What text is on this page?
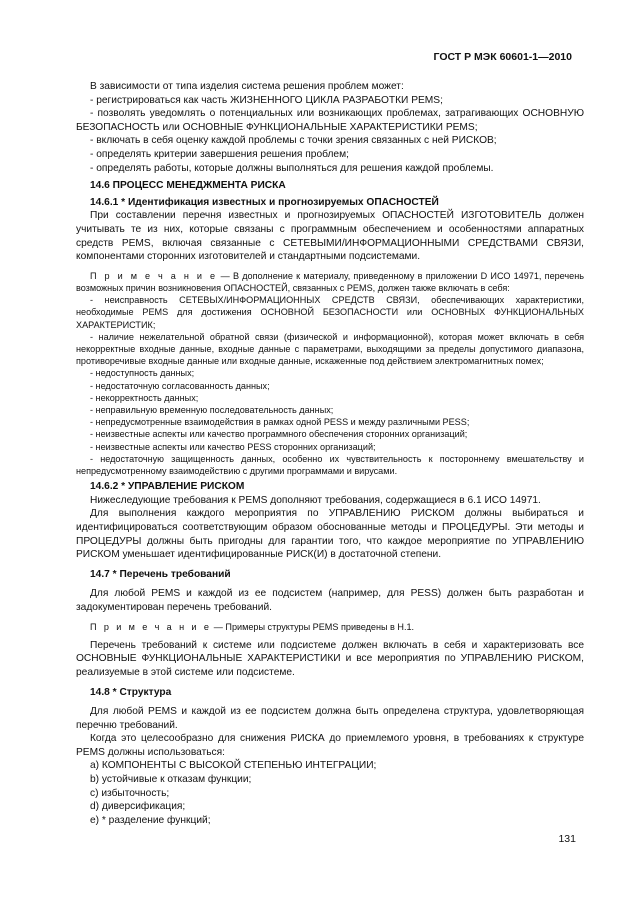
ГОСТ Р МЭК 60601-1—2010

В зависимости от типа изделия система решения проблем может:

- регистрироваться как часть ЖИЗНЕННОГО ЦИКЛА РАЗРАБОТКИ PEMS;

- позволять уведомлять о потенциальных или возникающих проблемах, затрагивающих ОСНОВНУЮ БЕЗОПАСНОСТЬ или ОСНОВНЫЕ ФУНКЦИОНАЛЬНЫЕ ХАРАКТЕРИСТИКИ PEMS;

- включать в себя оценку каждой проблемы с точки зрения связанных с ней РИСКОВ;

- определять критерии завершения решения проблем;

- определять работы, которые должны выполняться для решения каждой проблемы.

14.6 ПРОЦЕСС МЕНЕДЖМЕНТА РИСКА

14.6.1 * Идентификация известных и прогнозируемых ОПАСНОСТЕЙ

При составлении перечня известных и прогнозируемых ОПАСНОСТЕЙ ИЗГОТОВИТЕЛЬ должен учитывать те из них, которые связаны с программным обеспечением и особенностями аппаратных средств PEMS, включая связанные с СЕТЕВЫМИ/ИНФОРМАЦИОННЫМИ СРЕДСТВАМИ СВЯЗИ, компонентами сторонних изготовителей и стандартными подсистемами.

П р и м е ч а н и е — В дополнение к материалу, приведенному в приложении D ИСО 14971, перечень возможных причин возникновения ОПАСНОСТЕЙ, связанных с PEMS, должен также включать в себя:

- неисправность СЕТЕВЫХ/ИНФОРМАЦИОННЫХ СРЕДСТВ СВЯЗИ, обеспечивающих характеристики, необходимые PEMS для достижения ОСНОВНОЙ БЕЗОПАСНОСТИ или ОСНОВНЫХ ФУНКЦИОНАЛЬНЫХ ХАРАКТЕРИСТИК;

- наличие нежелательной обратной связи (физической и информационной), которая может включать в себя некорректные входные данные, входные данные с параметрами, выходящими за пределы допустимого диапазона, противоречивые входные данные или входные данные, искаженные под действием электромагнитных помех;

- недоступность данных;

- недостаточную согласованность данных;

- некорректность данных;

- неправильную временную последовательность данных;

- непредусмотренные взаимодействия в рамках одной PESS и между различными PESS;

- неизвестные аспекты или качество программного обеспечения сторонних организаций;

- неизвестные аспекты или качество PESS сторонних организаций;

- недостаточную защищенность данных, особенно их чувствительность к постороннему вмешательству и непредусмотренному взаимодействию с другими программами и вирусами.

14.6.2 * УПРАВЛЕНИЕ РИСКОМ

Нижеследующие требования к PEMS дополняют требования, содержащиеся в 6.1 ИСО 14971.

Для выполнения каждого мероприятия по УПРАВЛЕНИЮ РИСКОМ должны выбираться и идентифицироваться соответствующим образом обоснованные методы и ПРОЦЕДУРЫ. Эти методы и ПРОЦЕДУРЫ должны быть пригодны для гарантии того, что каждое мероприятие по УПРАВЛЕНИЮ РИСКОМ уменьшает идентифицированные РИСК(И) в достаточной степени.

14.7 * Перечень требований

Для любой PEMS и каждой из ее подсистем (например, для PESS) должен быть разработан и задокументирован перечень требований.

П р и м е ч а н и е — Примеры структуры PEMS приведены в Н.1.

Перечень требований к системе или подсистеме должен включать в себя и характеризовать все ОСНОВНЫЕ ФУНКЦИОНАЛЬНЫЕ ХАРАКТЕРИСТИКИ и все мероприятия по УПРАВЛЕНИЮ РИСКОМ, реализуемые в этой системе или подсистеме.

14.8 * Структура

Для любой PEMS и каждой из ее подсистем должна быть определена структура, удовлетворяющая перечню требований.

Когда это целесообразно для снижения РИСКА до приемлемого уровня, в требованиях к структуре PEMS должны использоваться:

a) КОМПОНЕНТЫ С ВЫСОКОЙ СТЕПЕНЬЮ ИНТЕГРАЦИИ;

b) устойчивые к отказам функции;

c) избыточность;

d) диверсификация;

e) * разделение функций;

131
